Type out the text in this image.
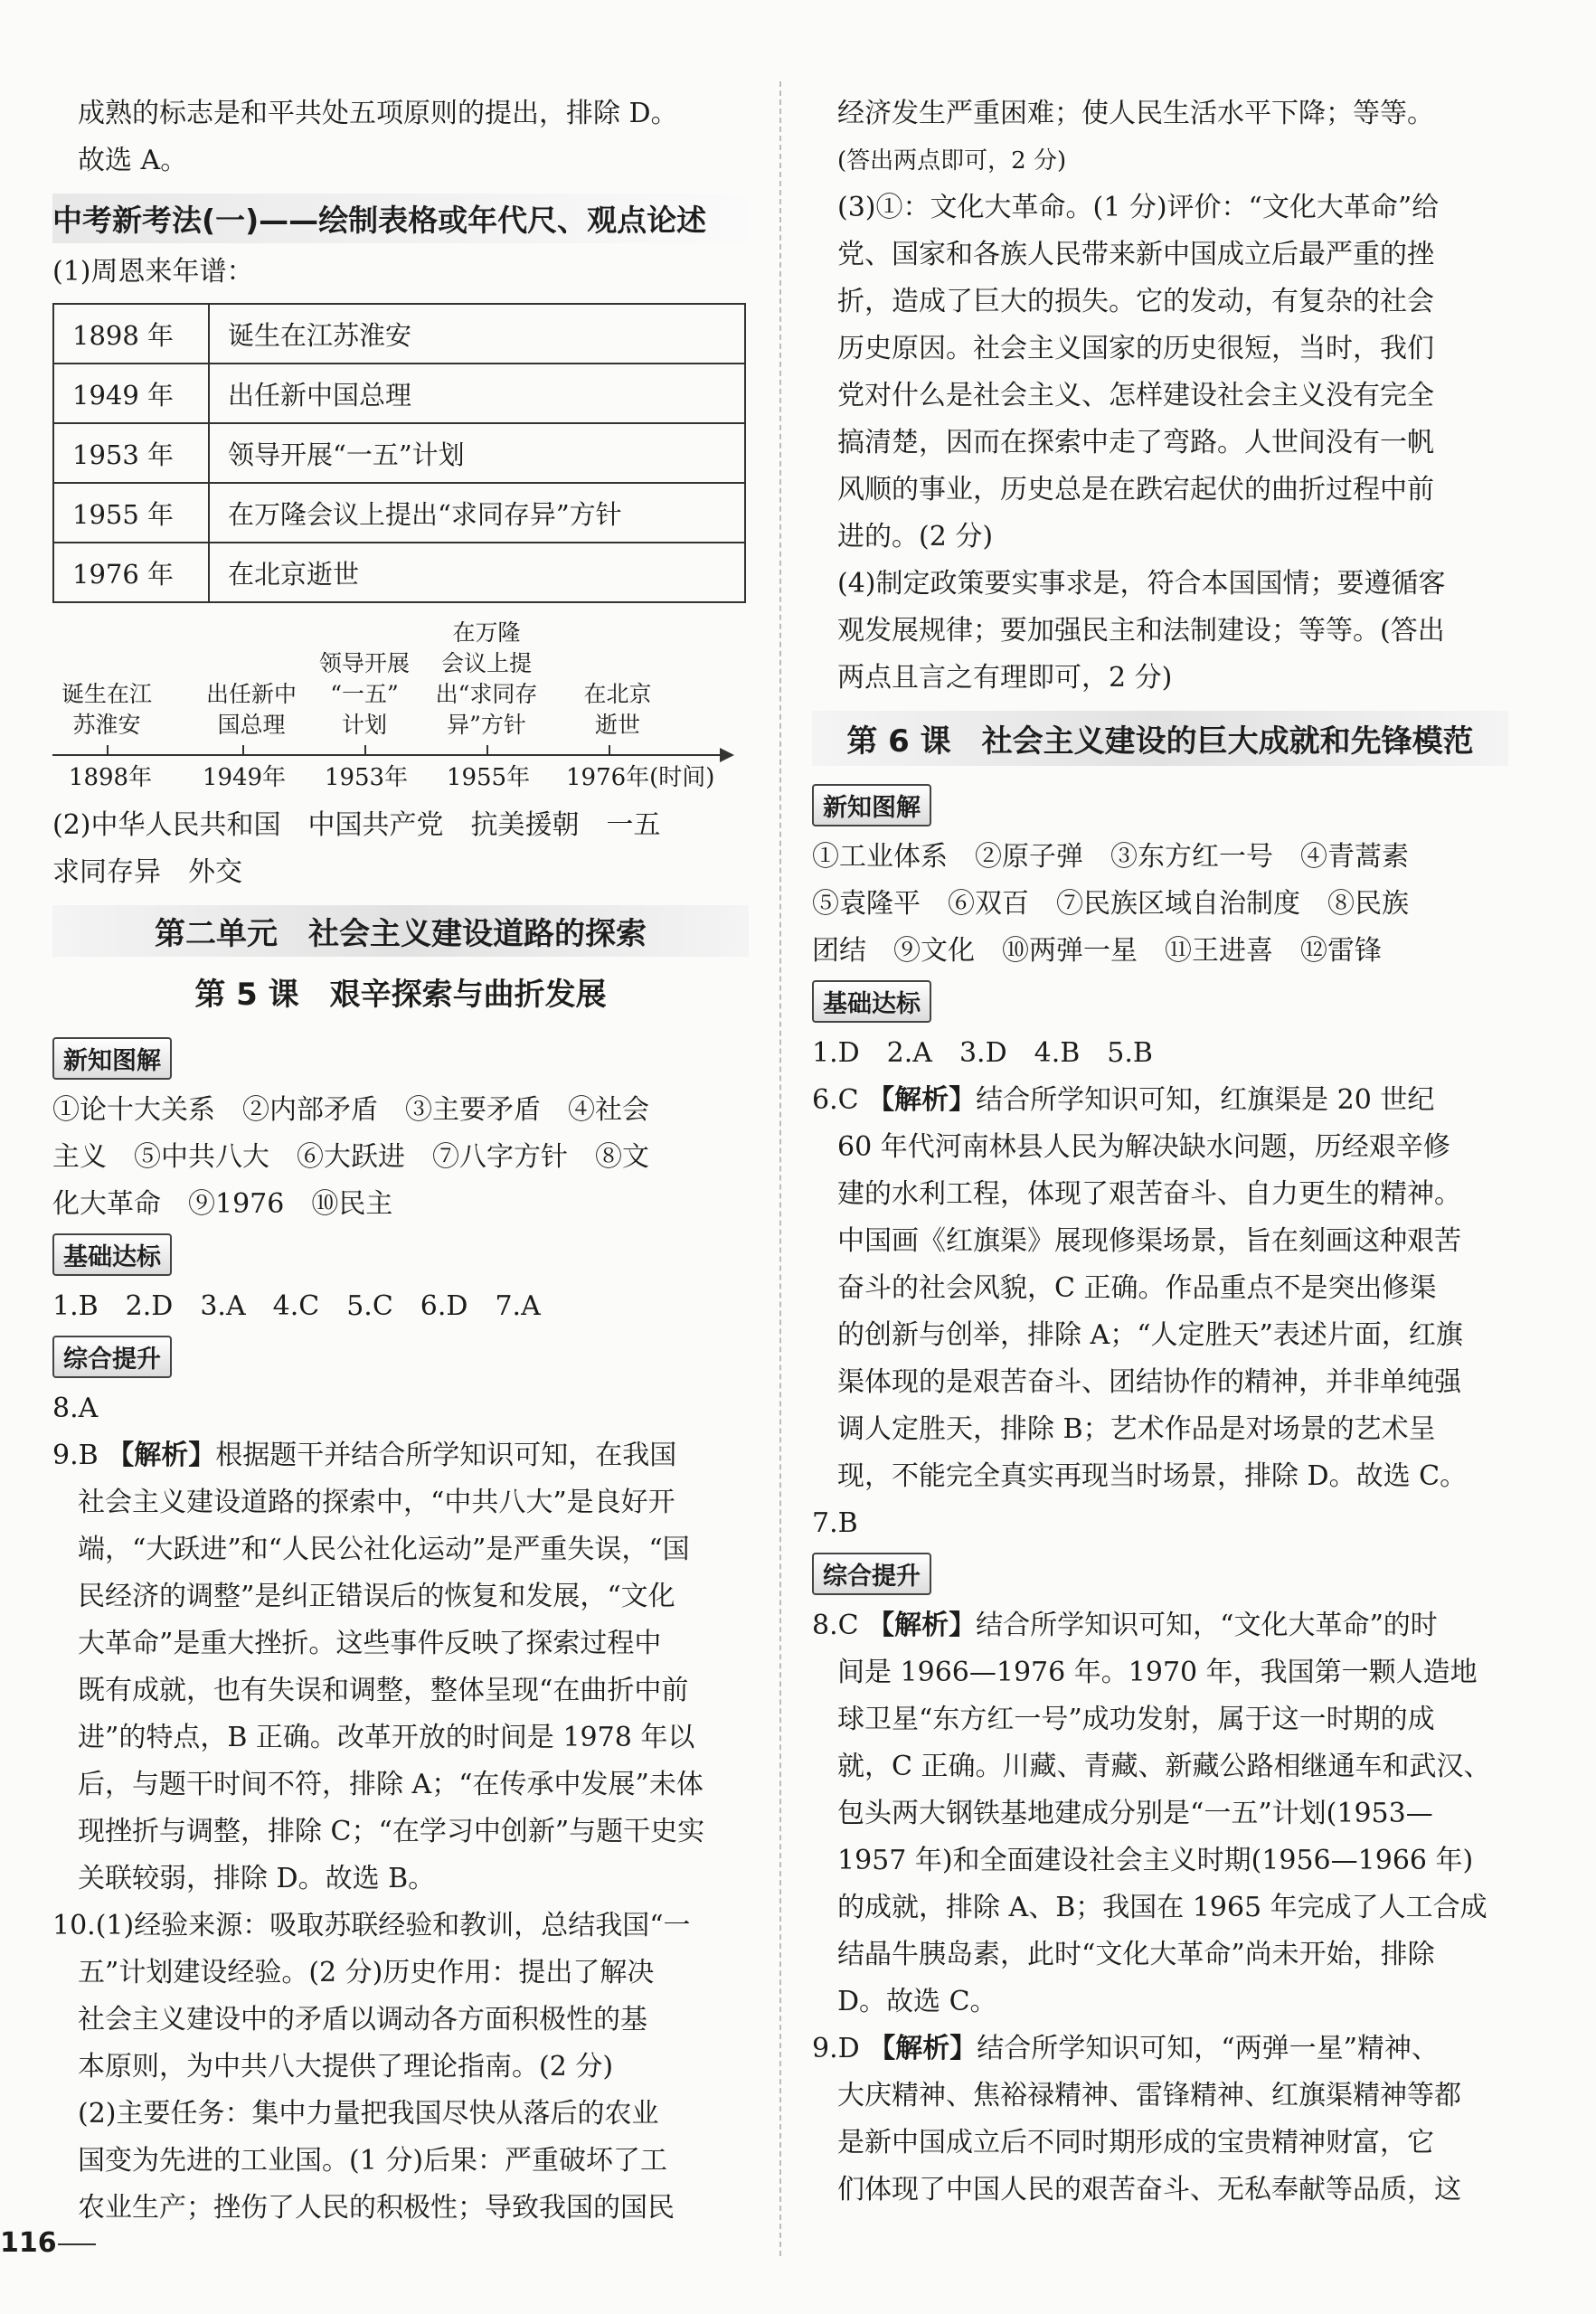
成熟的标志是和平共处五项原则的提出，排除 D。

故选 A。

中考新考法(一)——绘制表格或年代尺、观点论述

(1)周恩来年谱：

1898 年	诞生在江苏淮安
1949 年	出任新中国总理
1953 年	领导开展“一五”计划
1955 年	在万隆会议上提出“求同存异”方针
1976 年	在北京逝世
诞生在江
苏淮安
出任新中
国总理
领导开展
“一五”
计划
在万隆
会议上提
出“求同存
异”方针
在北京
逝世
1898年	1949年	1953年	1955年	1976年(时间)

(2)中华人民共和国　中国共产党　抗美援朝　一五

求同存异　外交

第二单元　社会主义建设道路的探索
第 5 课　艰辛探索与曲折发展
新知图解

①论十大关系　②内部矛盾　③主要矛盾　④社会

主义　⑤中共八大　⑥大跃进　⑦八字方针　⑧文

化大革命　⑨1976　⑩民主

基础达标

1.B　2.D　3.A　4.C　5.C　6.D　7.A

综合提升

8.A

9.B 【解析】根据题干并结合所学知识可知，在我国

社会主义建设道路的探索中，“中共八大”是良好开

端，“大跃进”和“人民公社化运动”是严重失误，“国

民经济的调整”是纠正错误后的恢复和发展，“文化

大革命”是重大挫折。这些事件反映了探索过程中

既有成就，也有失误和调整，整体呈现“在曲折中前

进”的特点，B 正确。改革开放的时间是 1978 年以

后，与题干时间不符，排除 A；“在传承中发展”未体

现挫折与调整，排除 C；“在学习中创新”与题干史实

关联较弱，排除 D。故选 B。

10.(1)经验来源：吸取苏联经验和教训，总结我国“一

五”计划建设经验。(2 分)历史作用：提出了解决

社会主义建设中的矛盾以调动各方面积极性的基

本原则，为中共八大提供了理论指南。(2 分)

(2)主要任务：集中力量把我国尽快从落后的农业

国变为先进的工业国。(1 分)后果：严重破坏了工

农业生产；挫伤了人民的积极性；导致我国的国民

经济发生严重困难；使人民生活水平下降；等等。

(答出两点即可，2 分)

(3)①：文化大革命。(1 分)评价：“文化大革命”给

党、国家和各族人民带来新中国成立后最严重的挫

折，造成了巨大的损失。它的发动，有复杂的社会

历史原因。社会主义国家的历史很短，当时，我们

党对什么是社会主义、怎样建设社会主义没有完全

搞清楚，因而在探索中走了弯路。人世间没有一帆

风顺的事业，历史总是在跌宕起伏的曲折过程中前

进的。(2 分)

(4)制定政策要实事求是，符合本国国情；要遵循客

观发展规律；要加强民主和法制建设；等等。(答出

两点且言之有理即可，2 分)

第 6 课　社会主义建设的巨大成就和先锋模范
新知图解

①工业体系　②原子弹　③东方红一号　④青蒿素

⑤袁隆平　⑥双百　⑦民族区域自治制度　⑧民族

团结　⑨文化　⑩两弹一星　⑪王进喜　⑫雷锋

基础达标

1.D　2.A　3.D　4.B　5.B

6.C 【解析】结合所学知识可知，红旗渠是 20 世纪

60 年代河南林县人民为解决缺水问题，历经艰辛修

建的水利工程，体现了艰苦奋斗、自力更生的精神。

中国画《红旗渠》展现修渠场景，旨在刻画这种艰苦

奋斗的社会风貌，C 正确。作品重点不是突出修渠

的创新与创举，排除 A；“人定胜天”表述片面，红旗

渠体现的是艰苦奋斗、团结协作的精神，并非单纯强

调人定胜天，排除 B；艺术作品是对场景的艺术呈

现，不能完全真实再现当时场景，排除 D。故选 C。

7.B

综合提升

8.C 【解析】结合所学知识可知，“文化大革命”的时

间是 1966—1976 年。1970 年，我国第一颗人造地

球卫星“东方红一号”成功发射，属于这一时期的成

就，C 正确。川藏、青藏、新藏公路相继通车和武汉、

包头两大钢铁基地建成分别是“一五”计划(1953—

1957 年)和全面建设社会主义时期(1956—1966 年)

的成就，排除 A、B；我国在 1965 年完成了人工合成

结晶牛胰岛素，此时“文化大革命”尚未开始，排除

D。故选 C。

9.D 【解析】结合所学知识可知，“两弹一星”精神、

大庆精神、焦裕禄精神、雷锋精神、红旗渠精神等都

是新中国成立后不同时期形成的宝贵精神财富，它

们体现了中国人民的艰苦奋斗、无私奉献等品质，这

116
